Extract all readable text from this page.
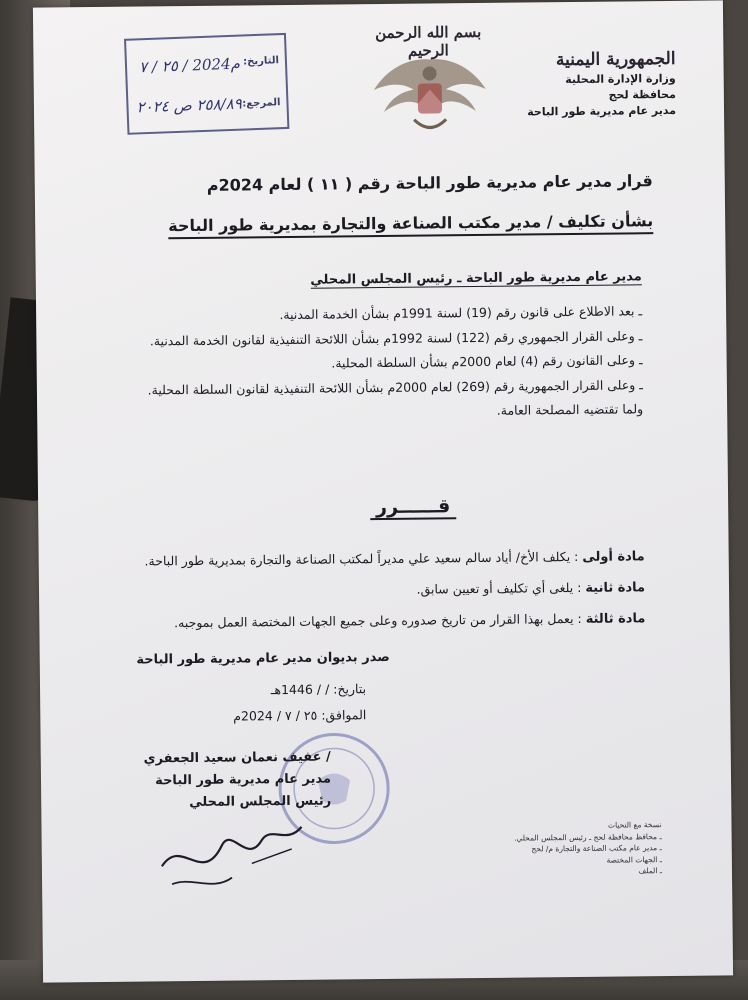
الجمهورية اليمنية
وزارة الإدارة المحلية
محافظة لحج
مدير عام مديرية طور الباحة
بسم الله الرحمن الرحيم
التاريخ:
٢٥ / ٧ / 2024م
المرجع:
٢٥٨/٨٩ ص ٢٠٢٤
قرار مدير عام مديرية طور الباحة رقم ( ١١ ) لعام 2024م
بشأن تكليف / مدير مكتب الصناعة والتجارة بمديرية طور الباحة
مدير عام مديرية طور الباحة ـ رئيس المجلس المحلي
ـ بعد الاطلاع على قانون رقم (19) لسنة 1991م بشأن الخدمة المدنية.
ـ وعلى القرار الجمهوري رقم (122) لسنة 1992م بشأن اللائحة التنفيذية لقانون الخدمة المدنية.
ـ وعلى القانون رقم (4) لعام 2000م بشأن السلطة المحلية.
ـ وعلى القرار الجمهورية رقم (269) لعام 2000م بشأن اللائحة التنفيذية لقانون السلطة المحلية.
ولما تقتضيه المصلحة العامة.
قــــــرر
مادة أولى : يكلف الأخ/ أياد سالم سعيد علي مديراً لمكتب الصناعة والتجارة بمديرية طور الباحة.
مادة ثانية : يلغى أي تكليف أو تعيين سابق.
مادة ثالثة : يعمل بهذا القرار من تاريخ صدوره وعلى جميع الجهات المختصة العمل بموجبه.
صدر بديوان مدير عام مديرية طور الباحة
بتاريخ: / / 1446هـ
الموافق: ٢٥ / ٧ / 2024م
/ عفيف نعمان سعيد الجعفري
مدير عام مديرية طور الباحة
رئيس المجلس المحلي
نسخة مع التحيات
ـ محافظ محافظة لحج ـ رئيس المجلس المحلي.
ـ مدير عام مكتب الصناعة والتجارة م/ لحج
ـ الجهات المختصة
ـ الملف
